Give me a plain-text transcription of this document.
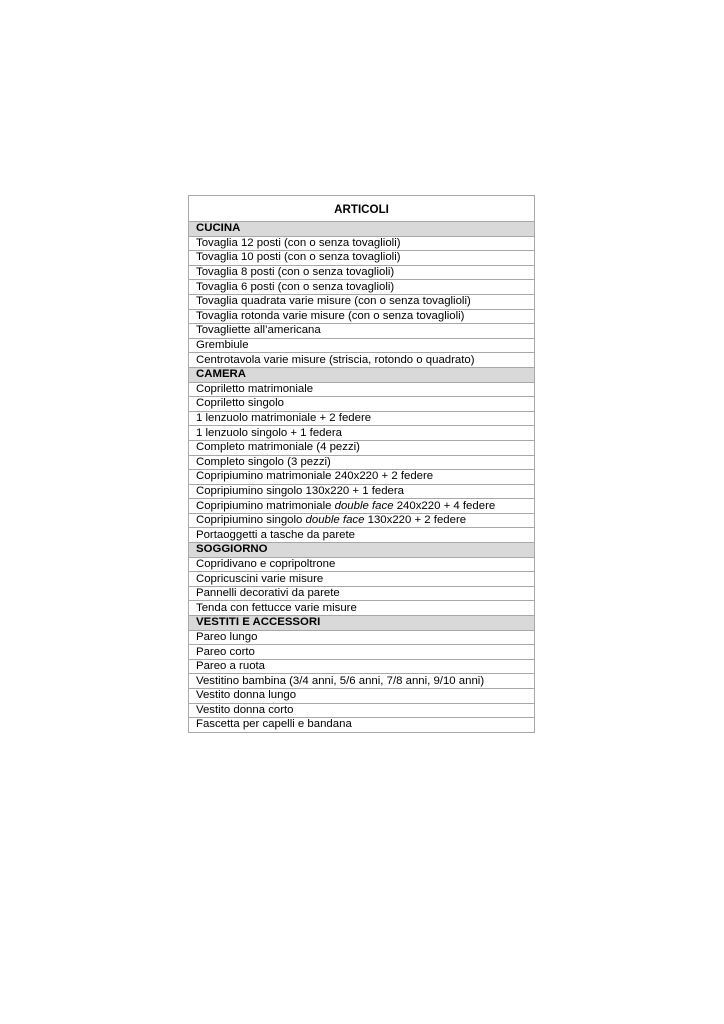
ARTICOLI
CUCINA
Tovaglia 12 posti (con o senza tovaglioli)
Tovaglia 10 posti (con o senza tovaglioli)
Tovaglia 8 posti (con o senza tovaglioli)
Tovaglia 6 posti (con o senza tovaglioli)
Tovaglia quadrata varie misure (con o senza tovaglioli)
Tovaglia rotonda varie misure (con o senza tovaglioli)
Tovagliette all’americana
Grembiule
Centrotavola varie misure (striscia, rotondo o quadrato)
CAMERA
Copriletto matrimoniale
Copriletto singolo
1 lenzuolo matrimoniale + 2 federe
1 lenzuolo singolo + 1 federa
Completo matrimoniale (4 pezzi)
Completo singolo (3 pezzi)
Copripiumino matrimoniale 240x220 + 2 federe
Copripiumino singolo 130x220 + 1 federa
Copripiumino matrimoniale double face 240x220 + 4 federe
Copripiumino singolo double face 130x220 + 2 federe
Portaoggetti a tasche da parete
SOGGIORNO
Copridivano e copripoltrone
Copricuscini varie misure
Pannelli decorativi da parete
Tenda con fettucce varie misure
VESTITI E ACCESSORI
Pareo lungo
Pareo corto
Pareo a ruota
Vestitino bambina (3/4 anni, 5/6 anni, 7/8 anni, 9/10 anni)
Vestito donna lungo
Vestito donna corto
Fascetta per capelli e bandana
